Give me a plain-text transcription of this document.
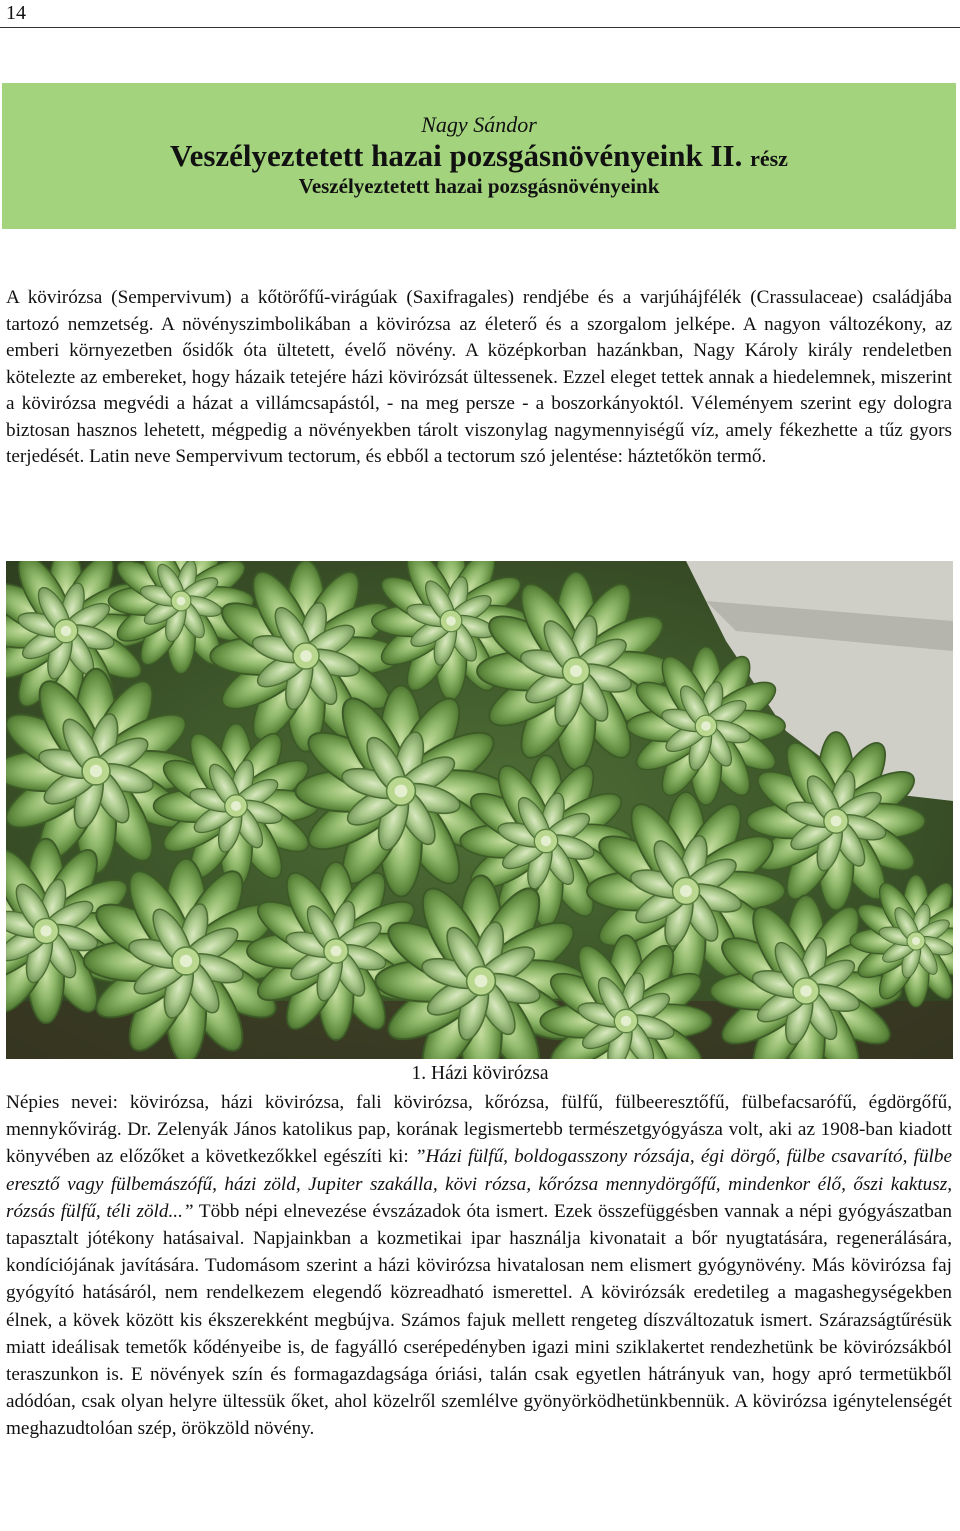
14
Nagy Sándor
Veszélyeztetett hazai pozsgásnövényeink II. rész
Veszélyeztetett hazai pozsgásnövényeink

A kövirózsa (Sempervivum) a kőtörőfű-virágúak (Saxifragales) rendjébe és a varjúhájfélék (Crassulaceae) családjába tartozó nemzetség. A növényszimbolikában a kövirózsa az életerő és a szorgalom jelképe. A nagyon változékony, az emberi környezetben ősidők óta ültetett, évelő növény. A középkorban hazánkban, Nagy Károly király rendeletben kötelezte az embereket, hogy házaik tetejére házi kövirózsát ültessenek. Ezzel eleget tettek annak a hiedelemnek, miszerint a kövirózsa megvédi a házat a villámcsapástól, - na meg persze - a boszorkányoktól. Véleményem szerint egy dologra biztosan hasznos lehetett, mégpedig a növényekben tárolt viszonylag nagymennyiségű víz, amely fékezhette a tűz gyors terjedését. Latin neve Sempervivum tectorum, és ebből a tectorum szó jelentése: háztetőkön termő.

1. Házi kövirózsa

Népies nevei: kövirózsa, házi kövirózsa, fali kövirózsa, kőrózsa, fülfű, fülbeeresztőfű, fülbefacsarófű, égdörgőfű, mennykővirág. Dr. Zelenyák János katolikus pap, korának legismertebb természetgyógyásza volt, aki az 1908-ban kiadott könyvében az előzőket a következőkkel egészíti ki: ”Házi fülfű, boldogasszony rózsája, égi dörgő, fülbe csavarító, fülbe eresztő vagy fülbemászófű, házi zöld, Jupiter szakálla, kövi rózsa, kőrózsa mennydörgőfű, mindenkor élő, őszi kaktusz, rózsás fülfű, téli zöld...” Több népi elnevezése évszázadok óta ismert. Ezek összefüggésben vannak a népi gyógyászatban tapasztalt jótékony hatásaival. Napjainkban a kozmetikai ipar használja kivonatait a bőr nyugtatására, regenerálására, kondíciójának javítására. Tudomásom szerint a házi kövirózsa hivatalosan nem elismert gyógynövény. Más kövirózsa faj gyógyító hatásáról, nem rendelkezem elegendő közreadható ismerettel. A kövirózsák eredetileg a magashegységekben élnek, a kövek között kis ékszerekként megbújva. Számos fajuk mellett rengeteg díszváltozatuk ismert. Szárazságtűrésük miatt ideálisak temetők kődényeibe is, de fagyálló cserépedényben igazi mini sziklakertet rendezhetünk be kövirózsákból teraszunkon is. E növények szín és formagazdagsága óriási, talán csak egyetlen hátrányuk van, hogy apró termetükből adódóan, csak olyan helyre ültessük őket, ahol közelről szemlélve gyönyörködhetünkbennük. A kövirózsa igénytelenségét meghazudtolóan szép, örökzöld növény.
